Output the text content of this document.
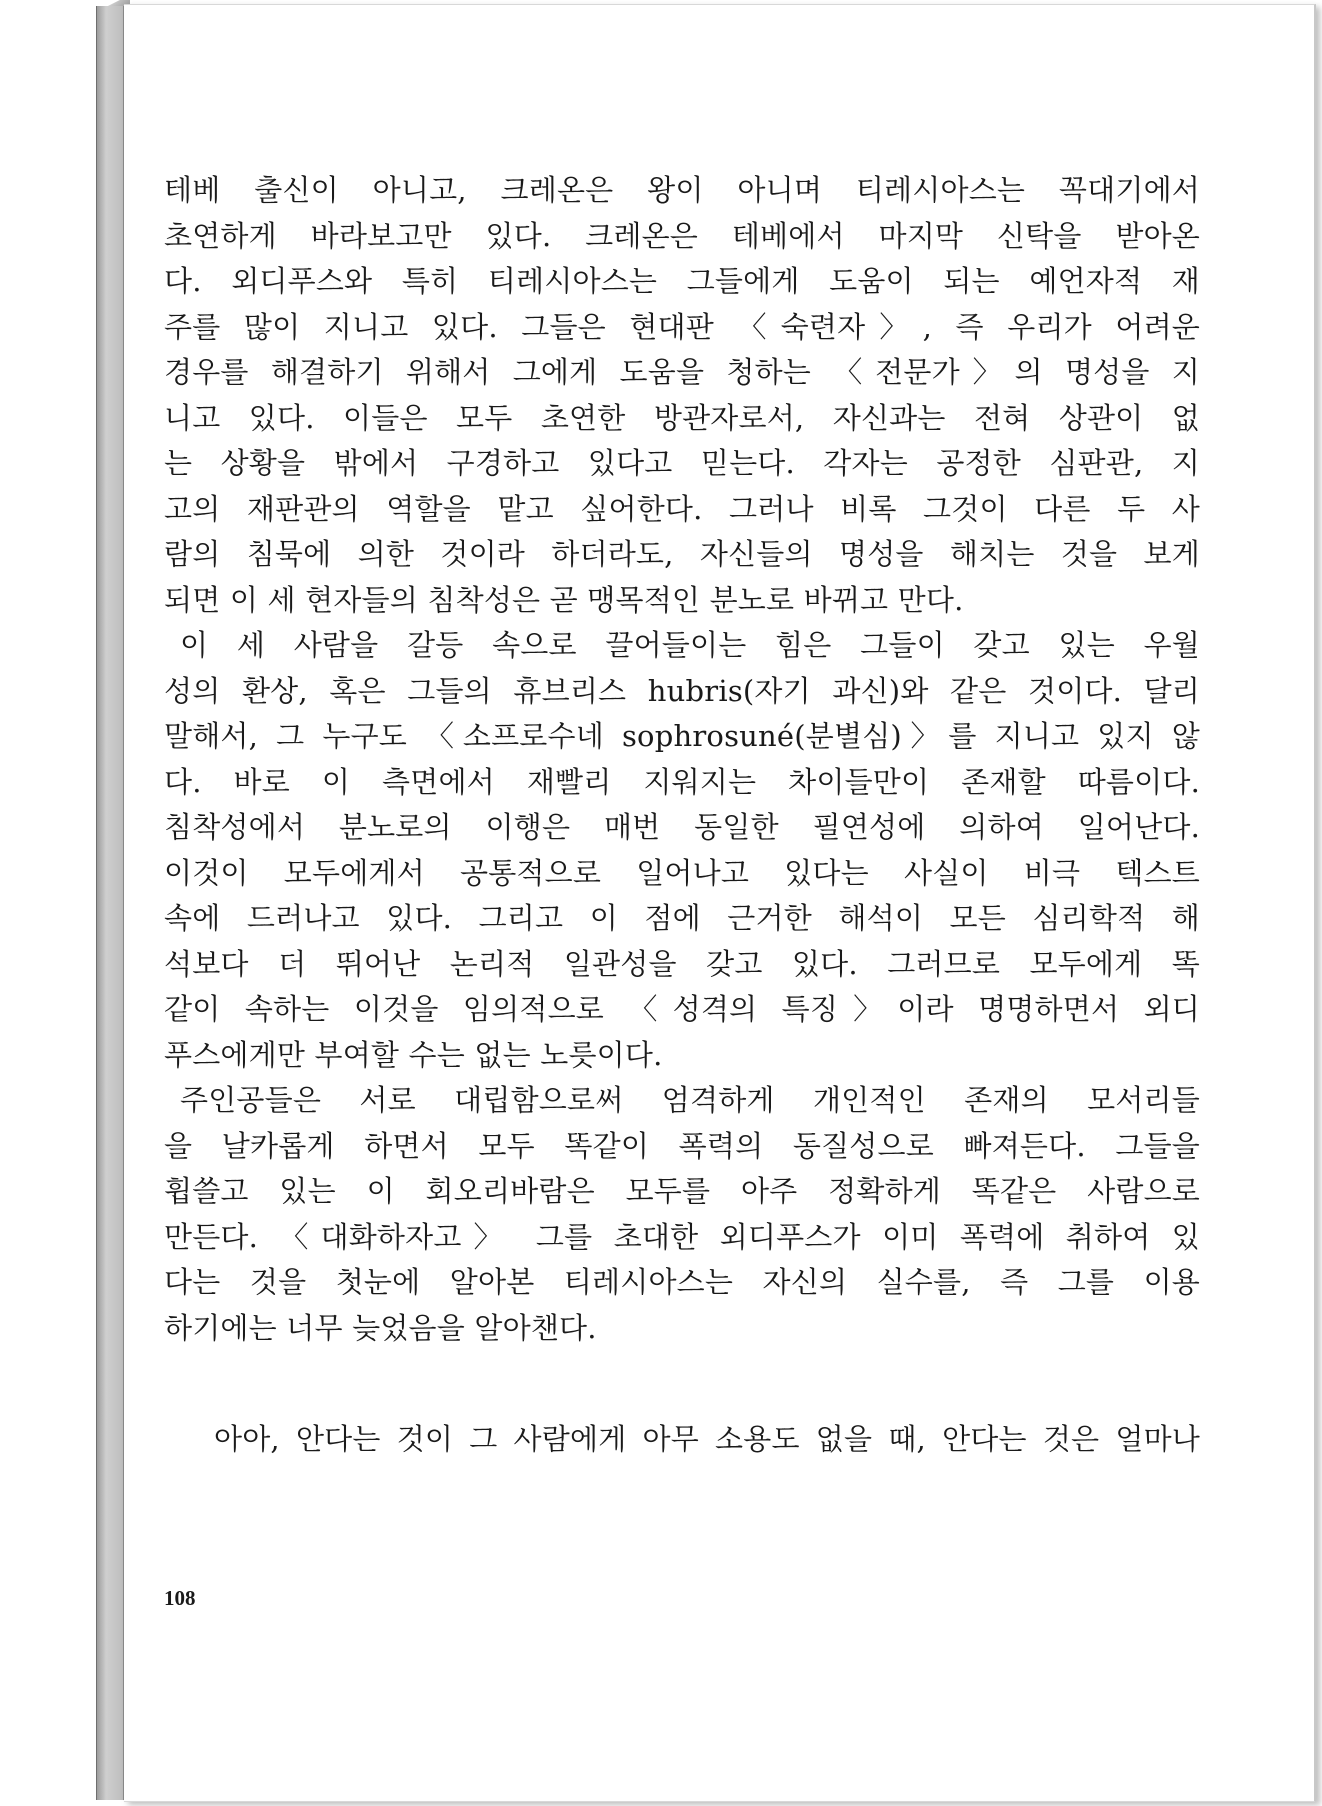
테베 출신이 아니고, 크레온은 왕이 아니며 티레시아스는 꼭대기에서
초연하게 바라보고만 있다. 크레온은 테베에서 마지막 신탁을 받아온
다. 외디푸스와 특히 티레시아스는 그들에게 도움이 되는 예언자적 재
주를 많이 지니고 있다. 그들은 현대판 〈숙련자〉, 즉 우리가 어려운
경우를 해결하기 위해서 그에게 도움을 청하는 〈전문가〉의 명성을 지
니고 있다. 이들은 모두 초연한 방관자로서, 자신과는 전혀 상관이 없
는 상황을 밖에서 구경하고 있다고 믿는다. 각자는 공정한 심판관, 지
고의 재판관의 역할을 맡고 싶어한다. 그러나 비록 그것이 다른 두 사
람의 침묵에 의한 것이라 하더라도, 자신들의 명성을 해치는 것을 보게
되면 이 세 현자들의 침착성은 곧 맹목적인 분노로 바뀌고 만다.

이 세 사람을 갈등 속으로 끌어들이는 힘은 그들이 갖고 있는 우월
성의 환상, 혹은 그들의 휴브리스 hubris(자기 과신)와 같은 것이다. 달리
말해서, 그 누구도 〈소프로수네 sophrosuné(분별심)〉를 지니고 있지 않
다. 바로 이 측면에서 재빨리 지워지는 차이들만이 존재할 따름이다.
침착성에서 분노로의 이행은 매번 동일한 필연성에 의하여 일어난다.
이것이 모두에게서 공통적으로 일어나고 있다는 사실이 비극 텍스트
속에 드러나고 있다. 그리고 이 점에 근거한 해석이 모든 심리학적 해
석보다 더 뛰어난 논리적 일관성을 갖고 있다. 그러므로 모두에게 똑
같이 속하는 이것을 임의적으로 〈성격의 특징〉이라 명명하면서 외디
푸스에게만 부여할 수는 없는 노릇이다.

주인공들은 서로 대립함으로써 엄격하게 개인적인 존재의 모서리들
을 날카롭게 하면서 모두 똑같이 폭력의 동질성으로 빠져든다. 그들을
휩쓸고 있는 이 회오리바람은 모두를 아주 정확하게 똑같은 사람으로
만든다. 〈대화하자고〉 그를 초대한 외디푸스가 이미 폭력에 취하여 있
다는 것을 첫눈에 알아본 티레시아스는 자신의 실수를, 즉 그를 이용
하기에는 너무 늦었음을 알아챈다.

아아, 안다는 것이 그 사람에게 아무 소용도 없을 때, 안다는 것은 얼마나

108
